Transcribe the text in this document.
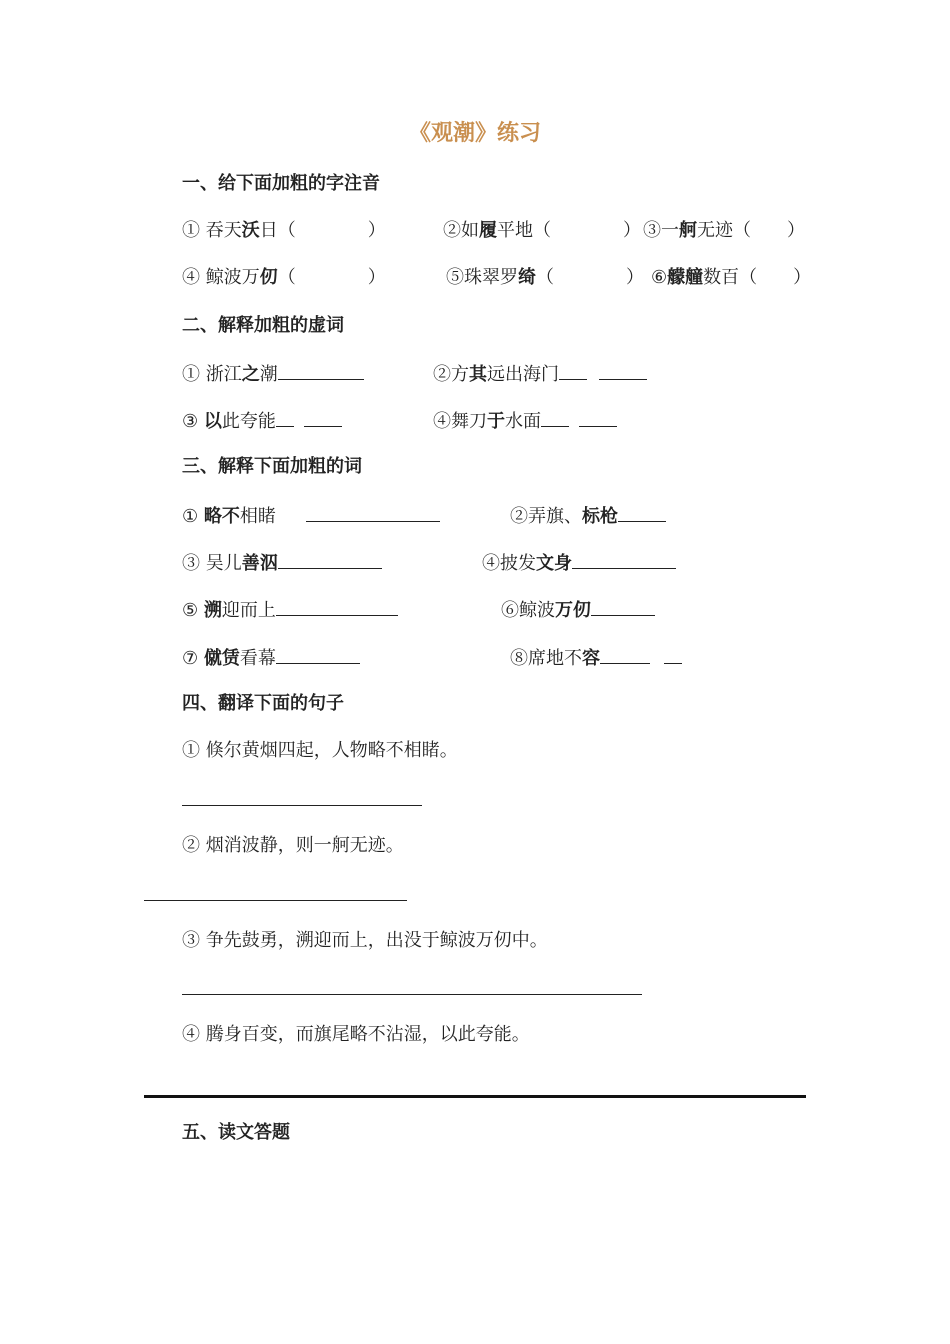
《观潮》练习
一、给下面加粗的字注音
① 吞天沃日（　　　　）	②如履平地（　　　　） ③一舸无迹（　　）
④ 鲸波万仞（　　　　）	⑤珠翠罗绮（　　　　） ⑥艨艟数百（　　）
二、解释加粗的虚词
① 浙江之潮	②方其远出海门
③ 以此夸能	④舞刀于水面
三、解释下面加粗的词
① 略不相睹	②弄旗、标枪
③ 吴儿善泅	④披发文身
⑤ 溯迎而上	⑥鲸波万仞
⑦ 僦赁看幕	⑧席地不容
四、翻译下面的句子
① 倏尔黄烟四起，人物略不相睹。
② 烟消波静，则一舸无迹。
③ 争先鼓勇，溯迎而上，出没于鲸波万仞中。
④ 腾身百变，而旗尾略不沾湿，以此夸能。
五、读文答题
